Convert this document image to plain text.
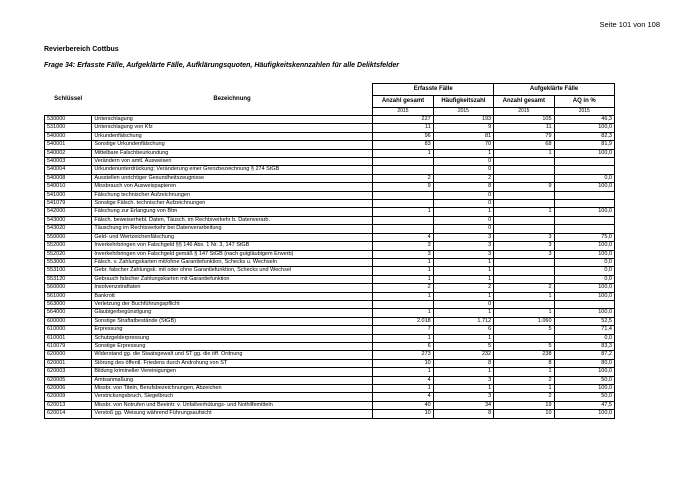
Seite 101 von 108
Revierbereich Cottbus
Frage 34: Erfasste Fälle, Aufgeklärte Fälle, Aufklärungsquoten, Häufigkeitskennzahlen für alle Deliktsfelder
Schlüssel	Bezeichnung	Erfasste Fälle		Aufgeklärte Fälle	
		Anzahl gesamt	Häufigkeitszahl	Anzahl gesamt	AQ in %
		2015	2015	2015	2015
530000	Unterschlagung	227	193	105	46,3
531000	Unterschlagung von Kfz	11	9	11	100,0
540000	Urkundenfälschung	96	81	79	82,3
540001	Sonstige Urkundenfälschung	83	70	68	81,9
540002	Mittelbare Falschbeurkundung	1	1	1	100,0
540003	Verändern von amtl. Ausweisen		0		
540004	Urkundenunterdrückung; Veränderung einer Grenzbezeichnung § 274 StGB		0		
540008	Ausstellen unrichtiger Gesundheitszeugnisse	2	2		0,0
540010	Missbrauch von Ausweispapieren	9	8	9	100,0
541000	Fälschung technischer Aufzeichnungen		0		
541079	Sonstige Fälsch. technischer Aufzeichnungen		0		
542000	Fälschung zur Erlangung von Btm	1	1	1	100,0
543000	Fälsch. beweiserhebl. Daten, Täusch. im Rechtsverkehr b. Datenverarb.		0		
543020	Täuschung im Rechtsverkehr bei Datenverarbeitung		0		
550000	Geld- und Wertzeichenfälschung	4	3	3	75,0
552000	Inverkehrbringen von Falschgeld §§ 146 Abs. 1 Nr. 3, 147 StGB	3	3	3	100,0
552020	Inverkehrbringen von Falschgeld gemäß § 147 StGB (nach gutgläubigem Erwerb)	3	3	3	100,0
553000	Fälsch. v. Zahlungskarten mit/ohne Garantiefunktion, Schecks u. Wechseln	1	1		0,0
553100	Gebr. falscher Zahlungsk. mit oder ohne Garantiefunktion, Schecks und Wechsel	1	1		0,0
553120	Gebrauch falscher Zahlungskarten mit Garantiefunktion	1	1		0,0
560000	Insolvenzstraftaten	2	2	2	100,0
561000	Bankrott	1	1	1	100,0
563000	Verletzung der Buchführungspflicht		0		
564000	Gläubigerbegünstigung	1	1	1	100,0
600000	Sonstige Straftatbestände (StGB)	2.018	1.712	1.060	52,5
610000	Erpressung	7	6	5	71,4
610001	Schutzgelderpressung	1	1		0,0
610079	Sonstige Erpressung	6	5	5	83,3
620000	Widerstand gg. die Staatsgewalt und ST gg. die öff. Ordnung	273	232	238	87,2
620001	Störung des öffentl. Friedens durch Androhung von ST	10	8	8	80,0
620003	Bildung krimineller Vereinigungen	1	1	1	100,0
620005	Amtsanmaßung	4	3	2	50,0
620006	Missbr. von Titeln, Berufsbezeichnungen, Abzeichen	1	1	1	100,0
620009	Verstrickungsbruch, Siegelbruch	4	3	2	50,0
620013	Missbr. von Notrufen und Beeintr. v. Unfallverhütungs- und Nothilfemitteln	40	34	19	47,5
620014	Verstoß gg. Weisung während Führungsaufsicht	10	8	10	100,0
